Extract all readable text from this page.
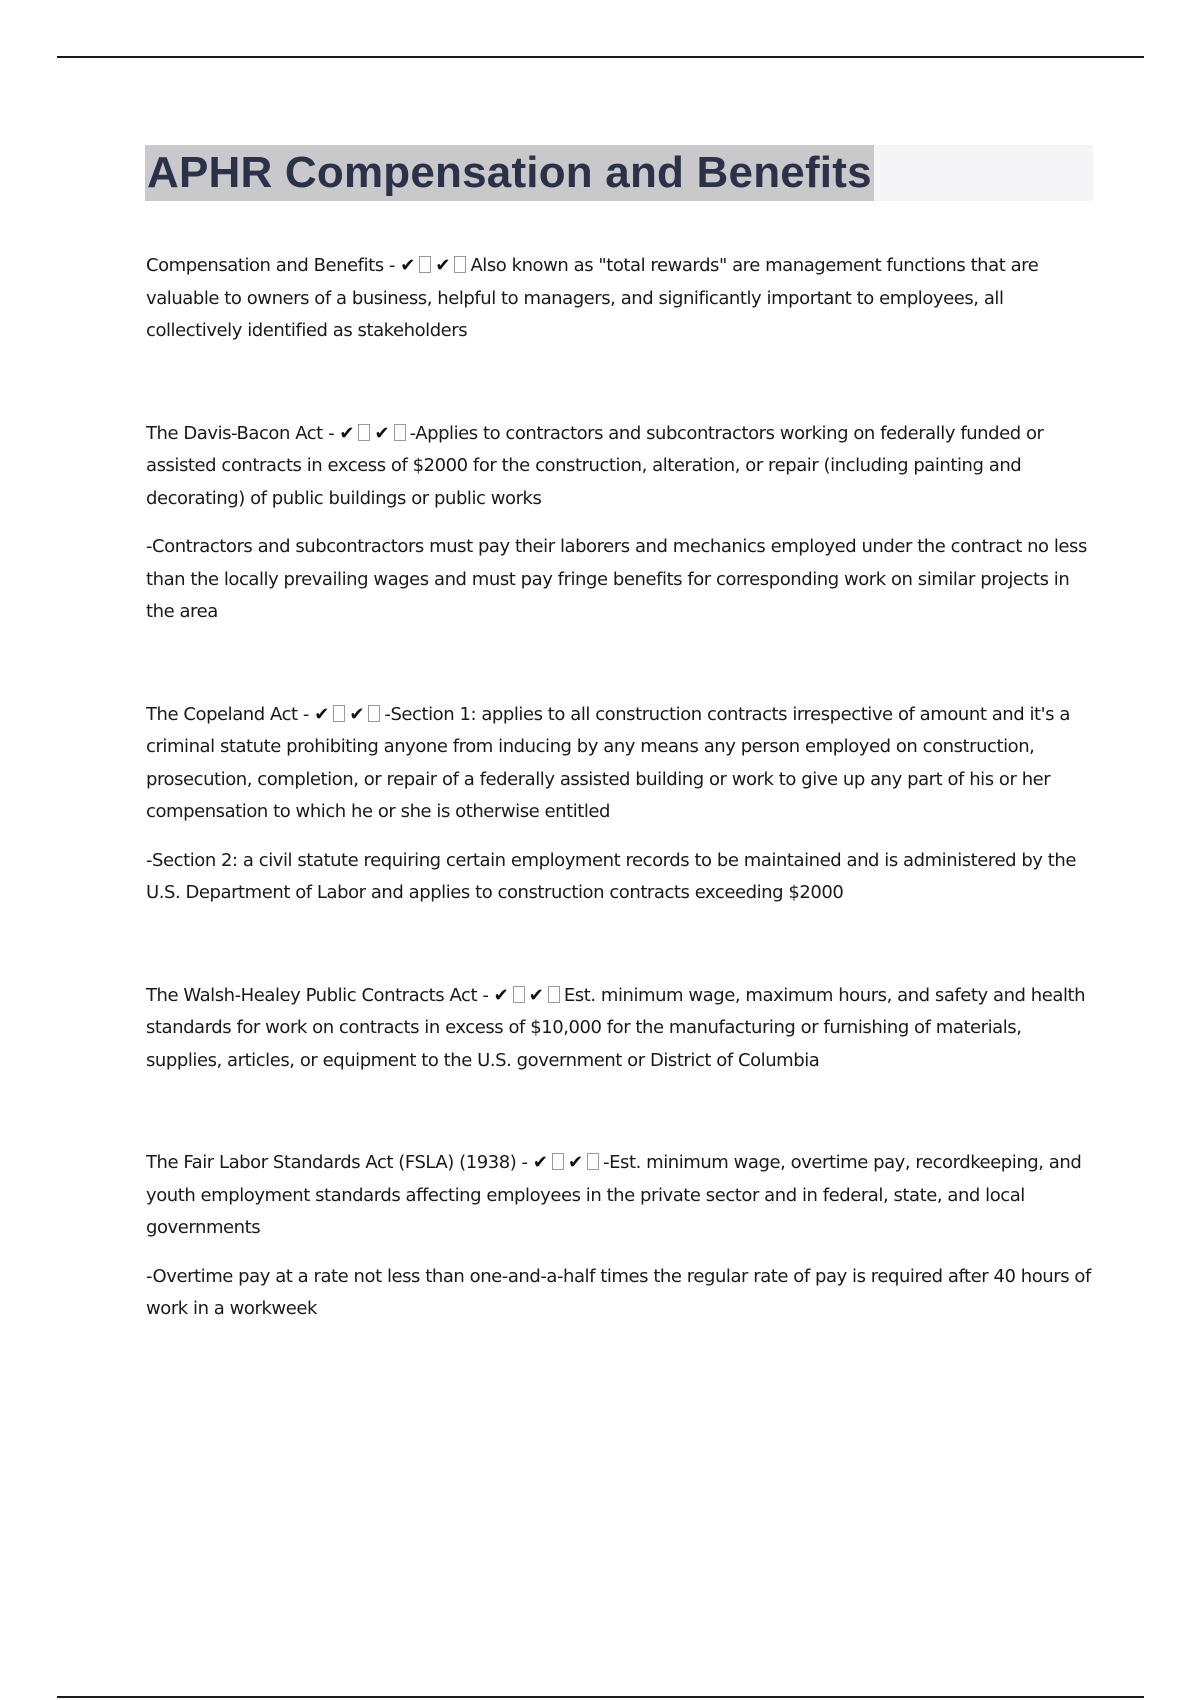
APHR Compensation and Benefits

Compensation and Benefits - ✔ ✔ Also known as "total rewards" are management functions that are valuable to owners of a business, helpful to managers, and significantly important to employees, all collectively identified as stakeholders

The Davis-Bacon Act - ✔ ✔ -Applies to contractors and subcontractors working on federally funded or assisted contracts in excess of $2000 for the construction, alteration, or repair (including painting and decorating) of public buildings or public works

-Contractors and subcontractors must pay their laborers and mechanics employed under the contract no less than the locally prevailing wages and must pay fringe benefits for corresponding work on similar projects in the area

The Copeland Act - ✔ ✔ -Section 1: applies to all construction contracts irrespective of amount and it's a criminal statute prohibiting anyone from inducing by any means any person employed on construction, prosecution, completion, or repair of a federally assisted building or work to give up any part of his or her compensation to which he or she is otherwise entitled

-Section 2: a civil statute requiring certain employment records to be maintained and is administered by the U.S. Department of Labor and applies to construction contracts exceeding $2000

The Walsh-Healey Public Contracts Act - ✔ ✔ Est. minimum wage, maximum hours, and safety and health standards for work on contracts in excess of $10,000 for the manufacturing or furnishing of materials, supplies, articles, or equipment to the U.S. government or District of Columbia

The Fair Labor Standards Act (FSLA) (1938) - ✔ ✔ -Est. minimum wage, overtime pay, recordkeeping, and youth employment standards affecting employees in the private sector and in federal, state, and local governments

-Overtime pay at a rate not less than one-and-a-half times the regular rate of pay is required after 40 hours of work in a workweek
